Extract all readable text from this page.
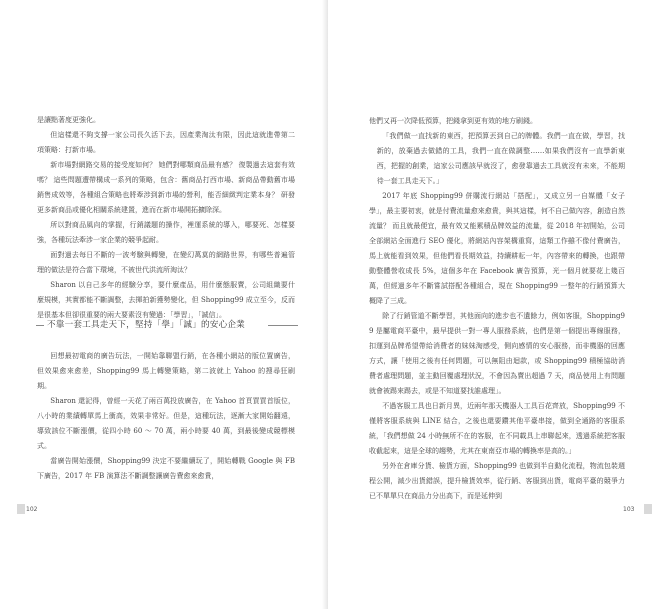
是讓點著度更強化。

但這樣還不夠支撐一家公司長久活下去，因產業淘汰有限，因此這就進帶第二項策略：打新市場。

新市場對網路交易的接受度如何？ 她們對哪類商品最有感？ 復製過去這套有效嗎？ 這些問題遭帶構成一系列的策略，包含：舊商品打西市場、新商品帶動舊市場銷售成效等，各種組合策略也將牽涉到新市場的營利，能否細緻判定業本身？ 研發更多新商品或優化相關系統建置，進而在新市場開拓擴除深。

所以對商品風向的掌握，行銷議題的操作，裡運系統的導入，哪要死、怎樣要強，各種玩法牽涉一家企業的競爭起耐。

面對過去每日不斷的一波考驗與轉變，在變幻萬莫的網路世界，有哪些普遍管理的做法是符合當下環境，不被世代洪流所淘汰？

Sharon 以自己多年的經驗分享，要什麼產品，用什麼態服賣，公司組織要什麼規模，其實都能不斷調整，去揮拍新獲勢變化，但 Shopping99 成立至今，反而是很基本但卻很重要的兩大要素沒有變過：「學習」，「誠信」。

不靠一套工具走天下，堅持「學」「誠」的安心企業

回想最初電商的廣告玩法，一開始靠聯盟行銷，在各種小網站的版位置廣告，但效果愈來愈差，Shopping99 馬上轉變策略，第二波就上 Yahoo 的搜尋狂刷期。

Sharon 還記得，曾經一天花了兩百萬投放廣告，在 Yahoo 首頁買買首版位，八小時的業績轉單馬上衝高，效果非常好。但是，這種玩法，逐漸大家開始翻遠，導致該位不斷漲價，從四小時 60 ～ 70 萬，兩小時要 40 萬，到最後變成競標模式。

當廣告開始漲價，Shopping99 決定不要繼續玩了，開始轉戰 Google 與 FB 下廣告，2017 年 FB 演算法不斷調整讓廣告費愈來愈貴，

102

他們又再一次降低預算，把錢拿到更有效的地方刷錢。

「我們做一直找新的東西，把預算丟到自己的牌體。我們一直在做，學習，找新的，放棄過去做錯的工具，我們一直在做調整……如果我們沒有一直學新東西，把握的創業，這家公司應該早就沒了，愈發靠過去工具就沒有未來，不能期待一套工具走天下。」

2017 年底 Shopping99 併購流行網站「搭配」，又成立另一自媒體「女子學」，最主要初衷，就是付費流量愈來愈貴，與其這樣，何不自己做內容，創造自然流量？ 而且就最便宜，最有效又能累積品牌效益的流量，從 2018 年初開始，公司全部網站全面進行 SEO 優化，將網站內容架構重寫，這類工作雖不像付費廣告，馬上就能看到效果，但他們看長期效益，持續耕耘一年，內容帶來的轉換，也跟帶動整體營收成長 5%，這個多年在 Facebook 廣告預算，光一個月就要花上幾百萬，但經過多年不斷嘗試搭配各種組合，現在 Shopping99 一整年的行銷預算大概降了三成。

除了行銷管道不斷學習，其他面向的進步也不遺餘力，例如客服，Shopping99 是屬電商平臺中，最早提供一對一專人服務系統，也們是第一個提出專線服務，扣運到品牌希望帶給消費者的妹妹淘感受，側向感情的安心服務，而非機器的回應方式，讓「使用之後有任何問題，可以無阻由迴款，或 Shopping99 積極協助消費者處理問題，並主動回覆處理狀況，不會因為賣出超過 7 天，商品使用上有問題就會被踢來踢去，或是不知道要找誰處理」。

不過客服工具也日新月異，近兩年那天機器人工具百花齊放，Shopping99 不僅將客服系統與 LINE 結合，之後也還要鑽其他平臺串接，做到全通路的客服系統，「我們想做 24 小時無所不在的客服，在不同載具上串聯起來，透過系統把客服收截起來，這是全球的趨勢，尤其在東南亞市場的轉換率是高的。」

另外在倉庫分貨、檢貨方面，Shopping99 也做到半自動化流程，物流包裝週程公開，減少出貨錯誤，提升檢貨效率，從行銷、客服到出貨，電商平臺的競爭力已不單單只在商品力分出高下，而是延伸到

103
